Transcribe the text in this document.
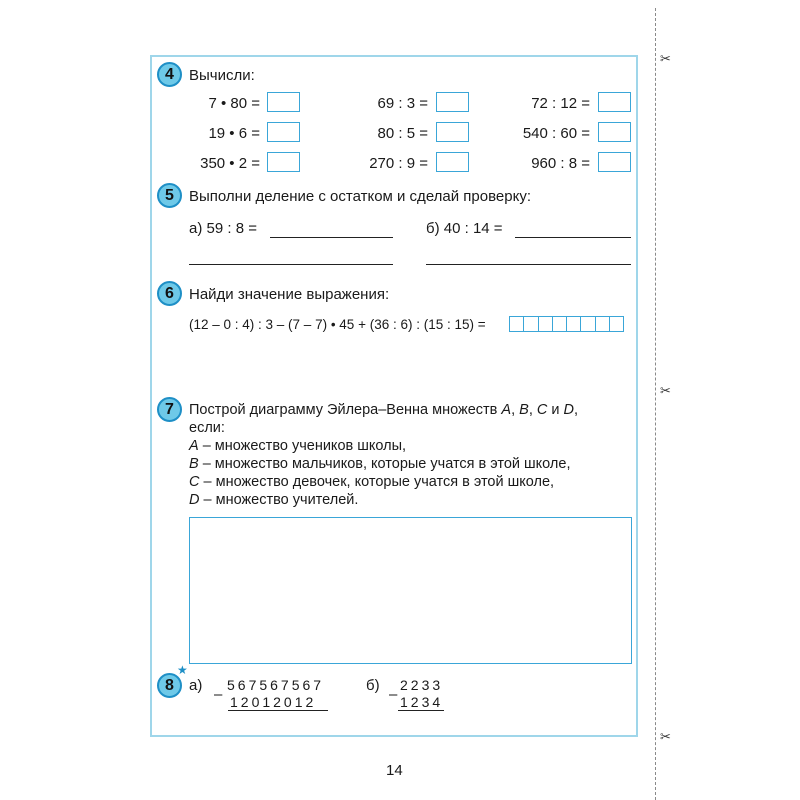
✂
✂
✂
4	Вычисли:
7 • 80 =	69 : 3 =	72 : 12 =
19 • 6 =	80 : 5 =	540 : 60 =
350 • 2 =	270 : 9 =	960 : 8 =
5	Выполни деление с остатком и сделай проверку:
а) 59 : 8 =	б) 40 : 14 =
6	Найди значение выражения:
(12 – 0 : 4) : 3 – (7 – 7) • 45 + (36 : 6) : (15 : 15) =
7	Построй диаграмму Эйлера–Венна множеств A, B, C и D,
если:
A – множество учеников школы,
B – множество мальчиков, которые учатся в этой школе,
C – множество девочек, которые учатся в этой школе,
D – множество учителей.
★
8	а) 567567567
– 12012012
б) 2233
– 1234
14
